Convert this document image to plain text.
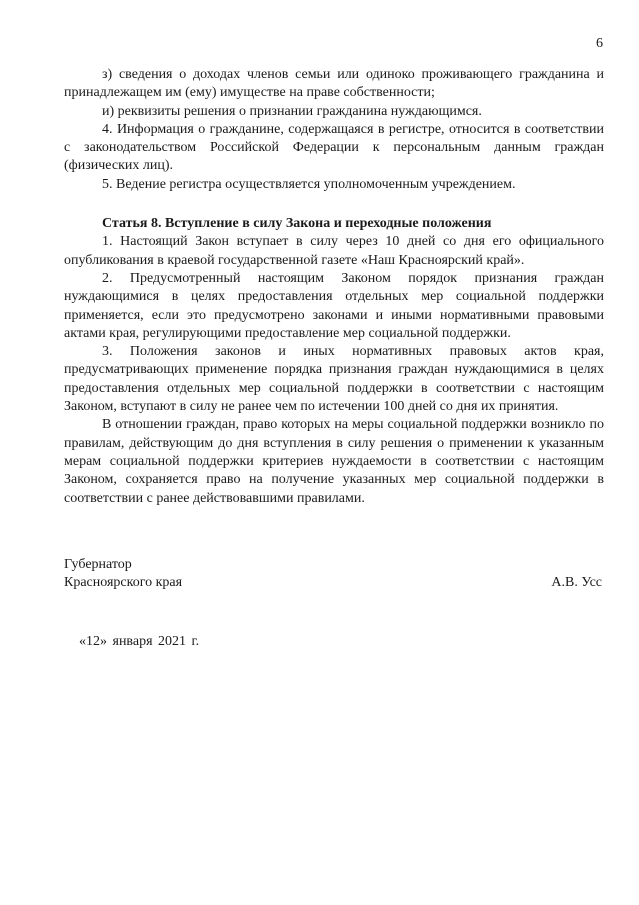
6

з) сведения о доходах членов семьи или одиноко проживающего гражданина и принадлежащем им (ему) имуществе на праве собственности;

и) реквизиты решения о признании гражданина нуждающимся.

4. Информация о гражданине, содержащаяся в регистре, относится в соответствии с законодательством Российской Федерации к персональным данным граждан (физических лиц).

5. Ведение регистра осуществляется уполномоченным учреждением.

Статья 8. Вступление в силу Закона и переходные положения

1. Настоящий Закон вступает в силу через 10 дней со дня его официального опубликования в краевой государственной газете «Наш Красноярский край».

2. Предусмотренный настоящим Законом порядок признания граждан нуждающимися в целях предоставления отдельных мер социальной поддержки применяется, если это предусмотрено законами и иными нормативными правовыми актами края, регулирующими предоставление мер социальной поддержки.

3. Положения законов и иных нормативных правовых актов края, предусматривающих применение порядка признания граждан нуждающимися в целях предоставления отдельных мер социальной поддержки в соответствии с настоящим Законом, вступают в силу не ранее чем по истечении 100 дней со дня их принятия.

В отношении граждан, право которых на меры социальной поддержки возникло по правилам, действующим до дня вступления в силу решения о применении к указанным мерам социальной поддержки критериев нуждаемости в соответствии с настоящим Законом, сохраняется право на получение указанных мер социальной поддержки в соответствии с ранее действовавшими правилами.

Губернатор
Красноярского края	А.В. Усс
«12» января 2021 г.
